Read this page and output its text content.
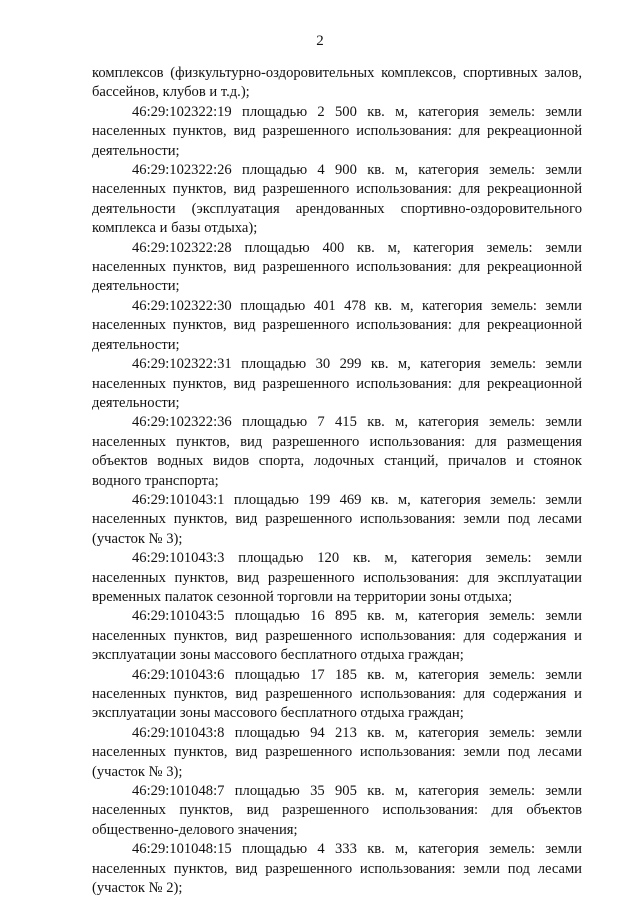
2

комплексов (физкультурно-оздоровительных комплексов, спортивных залов, бассейнов, клубов и т.д.);

46:29:102322:19 площадью 2 500 кв. м, категория земель: земли населенных пунктов, вид разрешенного использования: для рекреационной деятельности;

46:29:102322:26 площадью 4 900 кв. м, категория земель: земли населенных пунктов, вид разрешенного использования: для рекреационной деятельности (эксплуатация арендованных спортивно-оздоровительного комплекса и базы отдыха);

46:29:102322:28 площадью 400 кв. м, категория земель: земли населенных пунктов, вид разрешенного использования: для рекреационной деятельности;

46:29:102322:30 площадью 401 478 кв. м, категория земель: земли населенных пунктов, вид разрешенного использования: для рекреационной деятельности;

46:29:102322:31 площадью 30 299 кв. м, категория земель: земли населенных пунктов, вид разрешенного использования: для рекреационной деятельности;

46:29:102322:36 площадью 7 415 кв. м, категория земель: земли населенных пунктов, вид разрешенного использования: для размещения объектов водных видов спорта, лодочных станций, причалов и стоянок водного транспорта;

46:29:101043:1 площадью 199 469 кв. м, категория земель: земли населенных пунктов, вид разрешенного использования: земли под лесами (участок № 3);

46:29:101043:3 площадью 120 кв. м, категория земель: земли населенных пунктов, вид разрешенного использования: для эксплуатации временных палаток сезонной торговли на территории зоны отдыха;

46:29:101043:5 площадью 16 895 кв. м, категория земель: земли населенных пунктов, вид разрешенного использования: для содержания и эксплуатации зоны массового бесплатного отдыха граждан;

46:29:101043:6 площадью 17 185 кв. м, категория земель: земли населенных пунктов, вид разрешенного использования: для содержания и эксплуатации зоны массового бесплатного отдыха граждан;

46:29:101043:8 площадью 94 213 кв. м, категория земель: земли населенных пунктов, вид разрешенного использования: земли под лесами (участок № 3);

46:29:101048:7 площадью 35 905 кв. м, категория земель: земли населенных пунктов, вид разрешенного использования: для объектов общественно-делового значения;

46:29:101048:15 площадью 4 333 кв. м, категория земель: земли населенных пунктов, вид разрешенного использования: земли под лесами (участок № 2);
